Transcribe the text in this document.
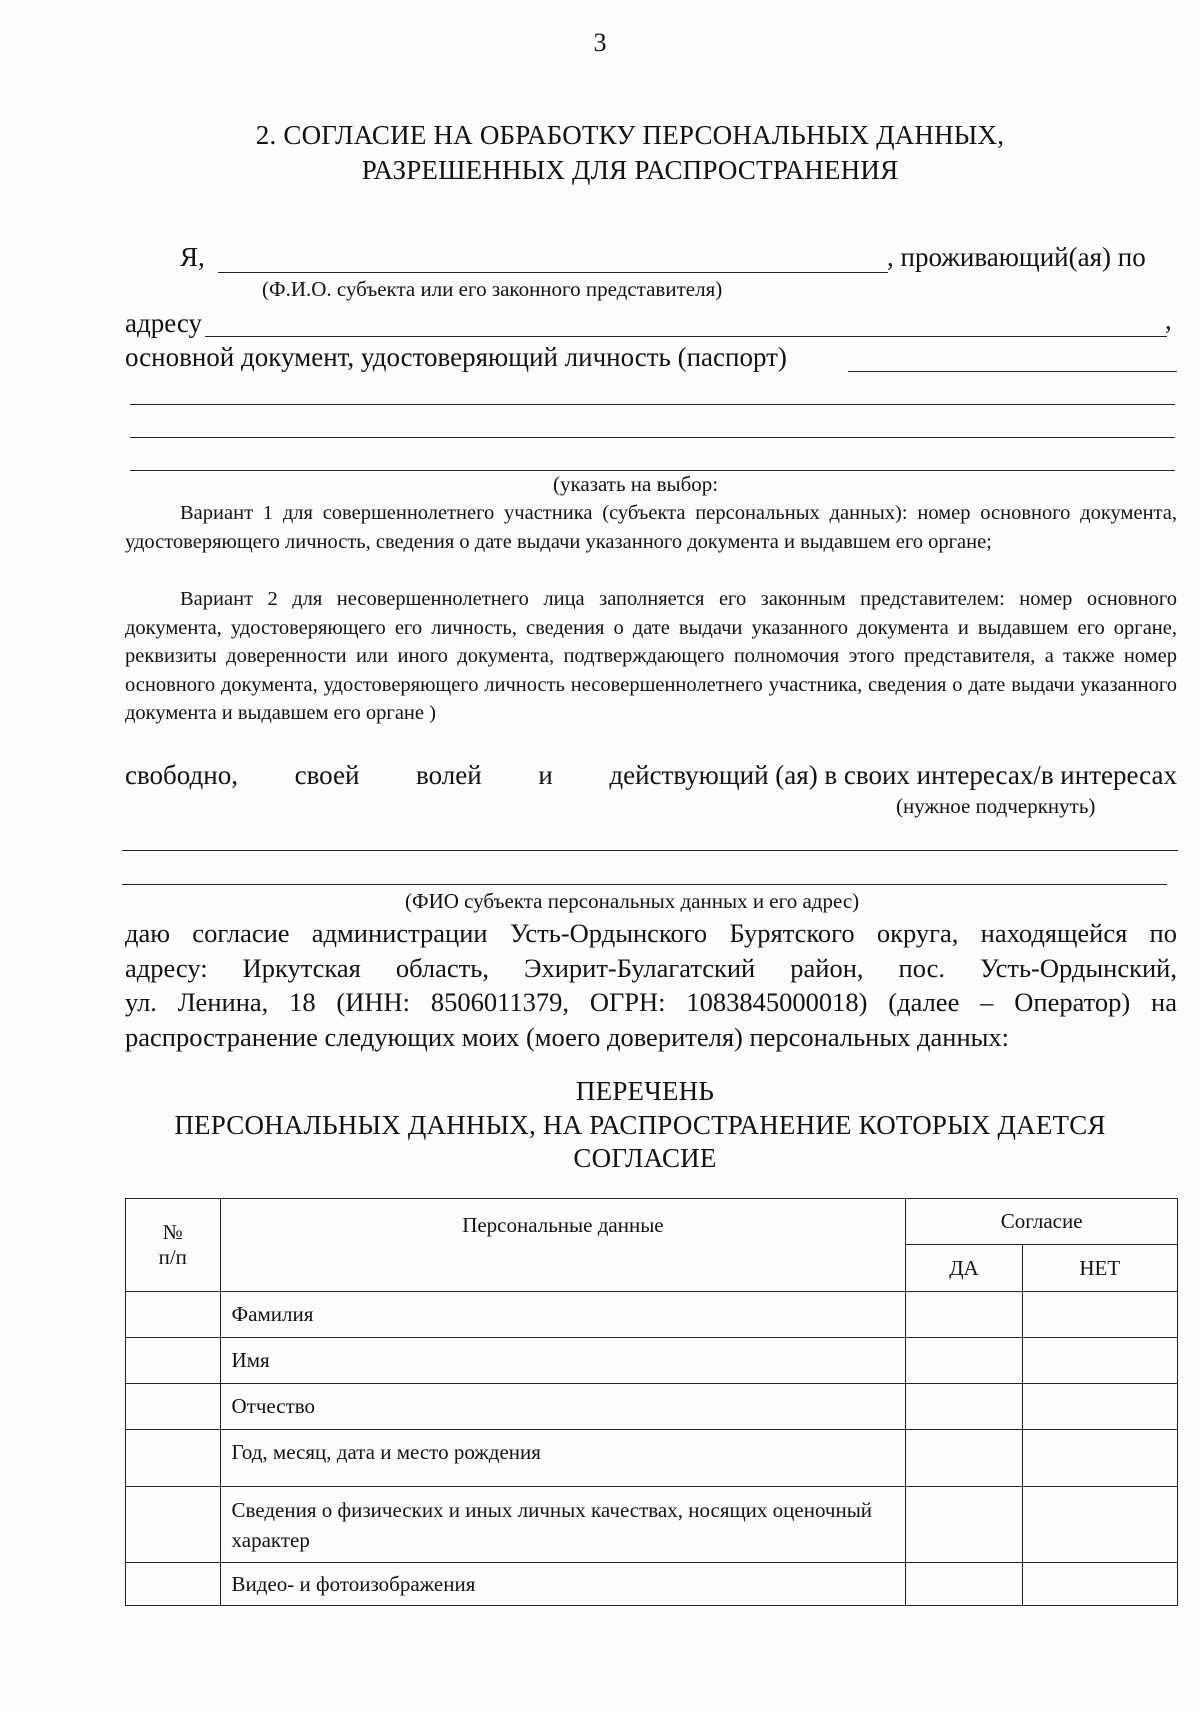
3
2. СОГЛАСИЕ НА ОБРАБОТКУ ПЕРСОНАЛЬНЫХ ДАННЫХ,
РАЗРЕШЕННЫХ ДЛЯ РАСПРОСТРАНЕНИЯ
Я,	, проживающий(ая) по
(Ф.И.О. субъекта или его законного представителя)
адресу	,
основной документ, удостоверяющий личность (паспорт)
(указать на выбор:
Вариант 1 для совершеннолетнего участника (субъекта персональных данных): номер основного документа, удостоверяющего личность, сведения о дате выдачи указанного документа и выдавшем его органе;
Вариант 2 для несовершеннолетнего лица заполняется его законным представителем: номер основного документа, удостоверяющего его личность, сведения о дате выдачи указанного документа и выдавшем его органе, реквизиты доверенности или иного документа, подтверждающего полномочия этого представителя, а также номер основного документа, удостоверяющего личность несовершеннолетнего участника, сведения о дате выдачи указанного документа и выдавшем его органе )
свободно, своей волей и действующий (ая) в своих интересах/в интересах
(нужное подчеркнуть)
(ФИО субъекта персональных данных и его адрес)
даю согласие администрации Усть-Ордынского Бурятского округа, находящейся по
адресу: Иркутская область, Эхирит-Булагатский район, пос. Усть-Ордынский,
ул. Ленина, 18 (ИНН: 8506011379, ОГРН: 1083845000018) (далее – Оператор) на
распространение следующих моих (моего доверителя) персональных данных:
ПЕРЕЧЕНЬ
ПЕРСОНАЛЬНЫХ ДАННЫХ, НА РАСПРОСТРАНЕНИЕ КОТОРЫХ ДАЕТСЯ
СОГЛАСИЕ
№
п/п	Персональные данные	Согласие	
		ДА	НЕТ
	Фамилия		
	Имя		
	Отчество		
	Год, месяц, дата и место рождения		
	Сведения о физических и иных личных качествах, носящих оценочный характер		
	Видео- и фотоизображения		
